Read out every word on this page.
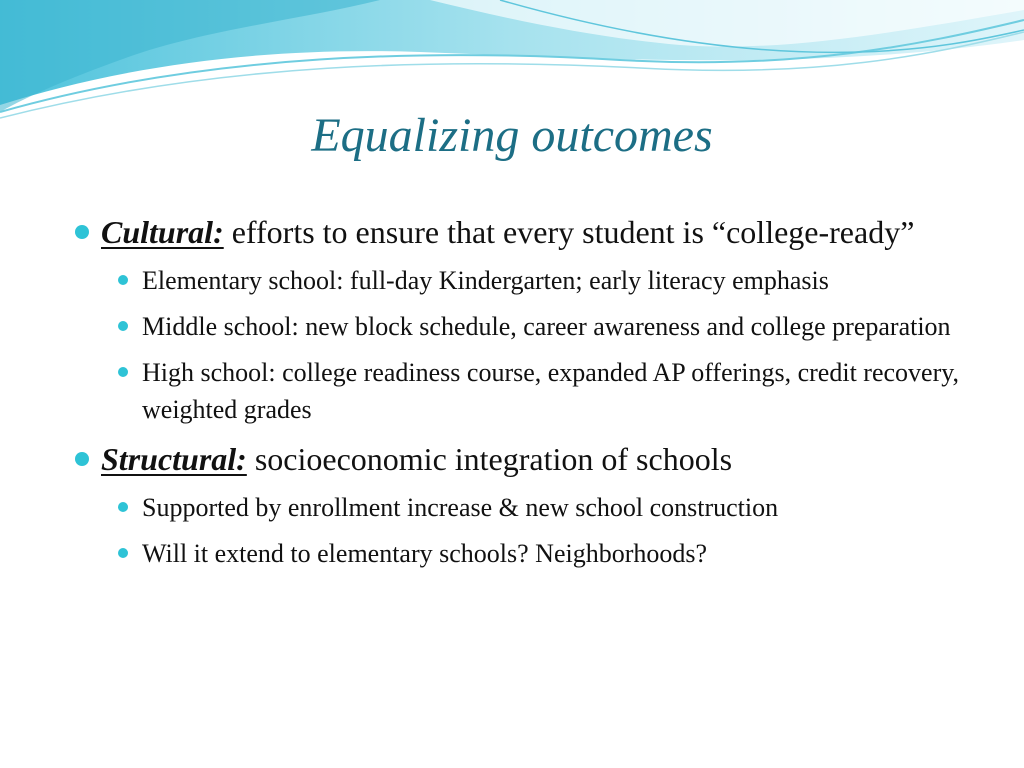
Equalizing outcomes
Cultural: efforts to ensure that every student is “college-ready”
Elementary school: full-day Kindergarten; early literacy emphasis
Middle school: new block schedule, career awareness and college preparation
High school: college readiness course, expanded AP offerings, credit recovery, weighted grades
Structural: socioeconomic integration of schools
Supported by enrollment increase & new school construction
Will it extend to elementary schools? Neighborhoods?
